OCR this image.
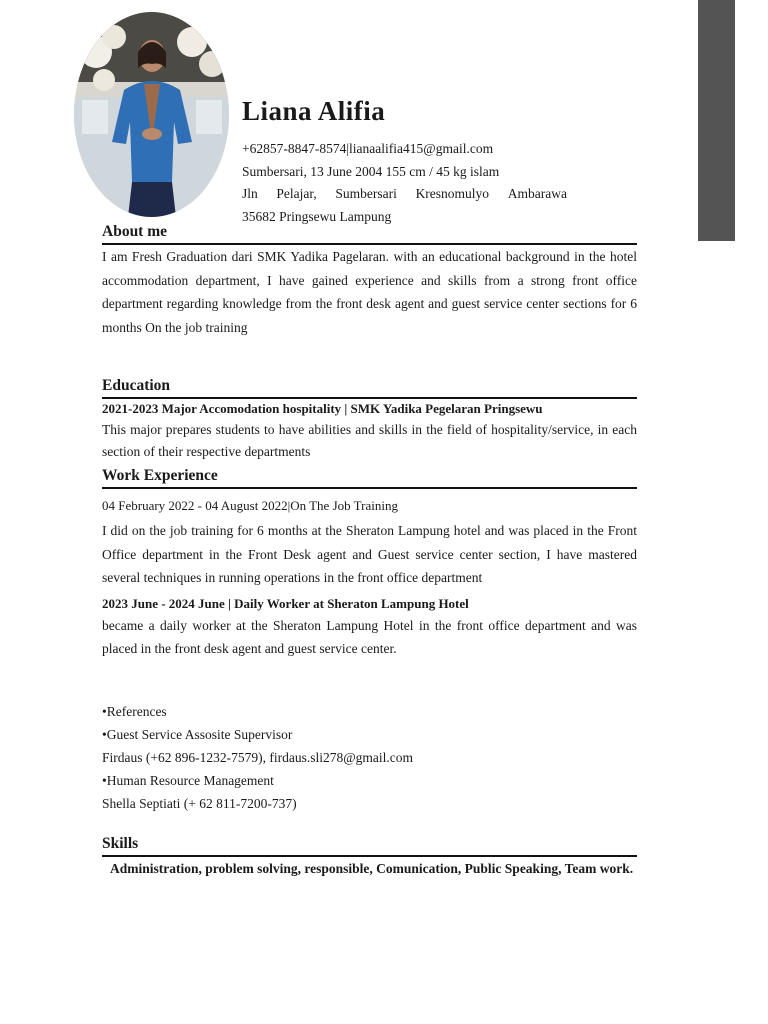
Liana Alifia
+62857-8847-8574|lianaalifia415@gmail.com
Sumbersari, 13 June 2004 155 cm / 45 kg islam
Jln Pelajar, Sumbersari Kresnomulyo Ambarawa
35682 Pringsewu Lampung
About me

I am Fresh Graduation dari SMK Yadika Pagelaran. with an educational background in the hotel accommodation department, I have gained experience and skills from a strong front office department regarding knowledge from the front desk agent and guest service center sections for 6 months On the job training

Education

2021-2023 Major Accomodation hospitality | SMK Yadika Pegelaran Pringsewu

This major prepares students to have abilities and skills in the field of hospitality/service, in each section of their respective departments

Work Experience

04 February 2022 - 04 August 2022|On The Job Training

I did on the job training for 6 months at the Sheraton Lampung hotel and was placed in the Front Office department in the Front Desk agent and Guest service center section, I have mastered several techniques in running operations in the front office department

2023 June - 2024 June | Daily Worker at Sheraton Lampung Hotel

became a daily worker at the Sheraton Lampung Hotel in the front office department and was placed in the front desk agent and guest service center.

•References
•Guest Service Assosite Supervisor
Firdaus (+62 896-1232-7579), firdaus.sli278@gmail.com
•Human Resource Management
Shella Septiati (+ 62 811-7200-737)
Skills

Administration, problem solving, responsible, Comunication, Public Speaking, Team work.
